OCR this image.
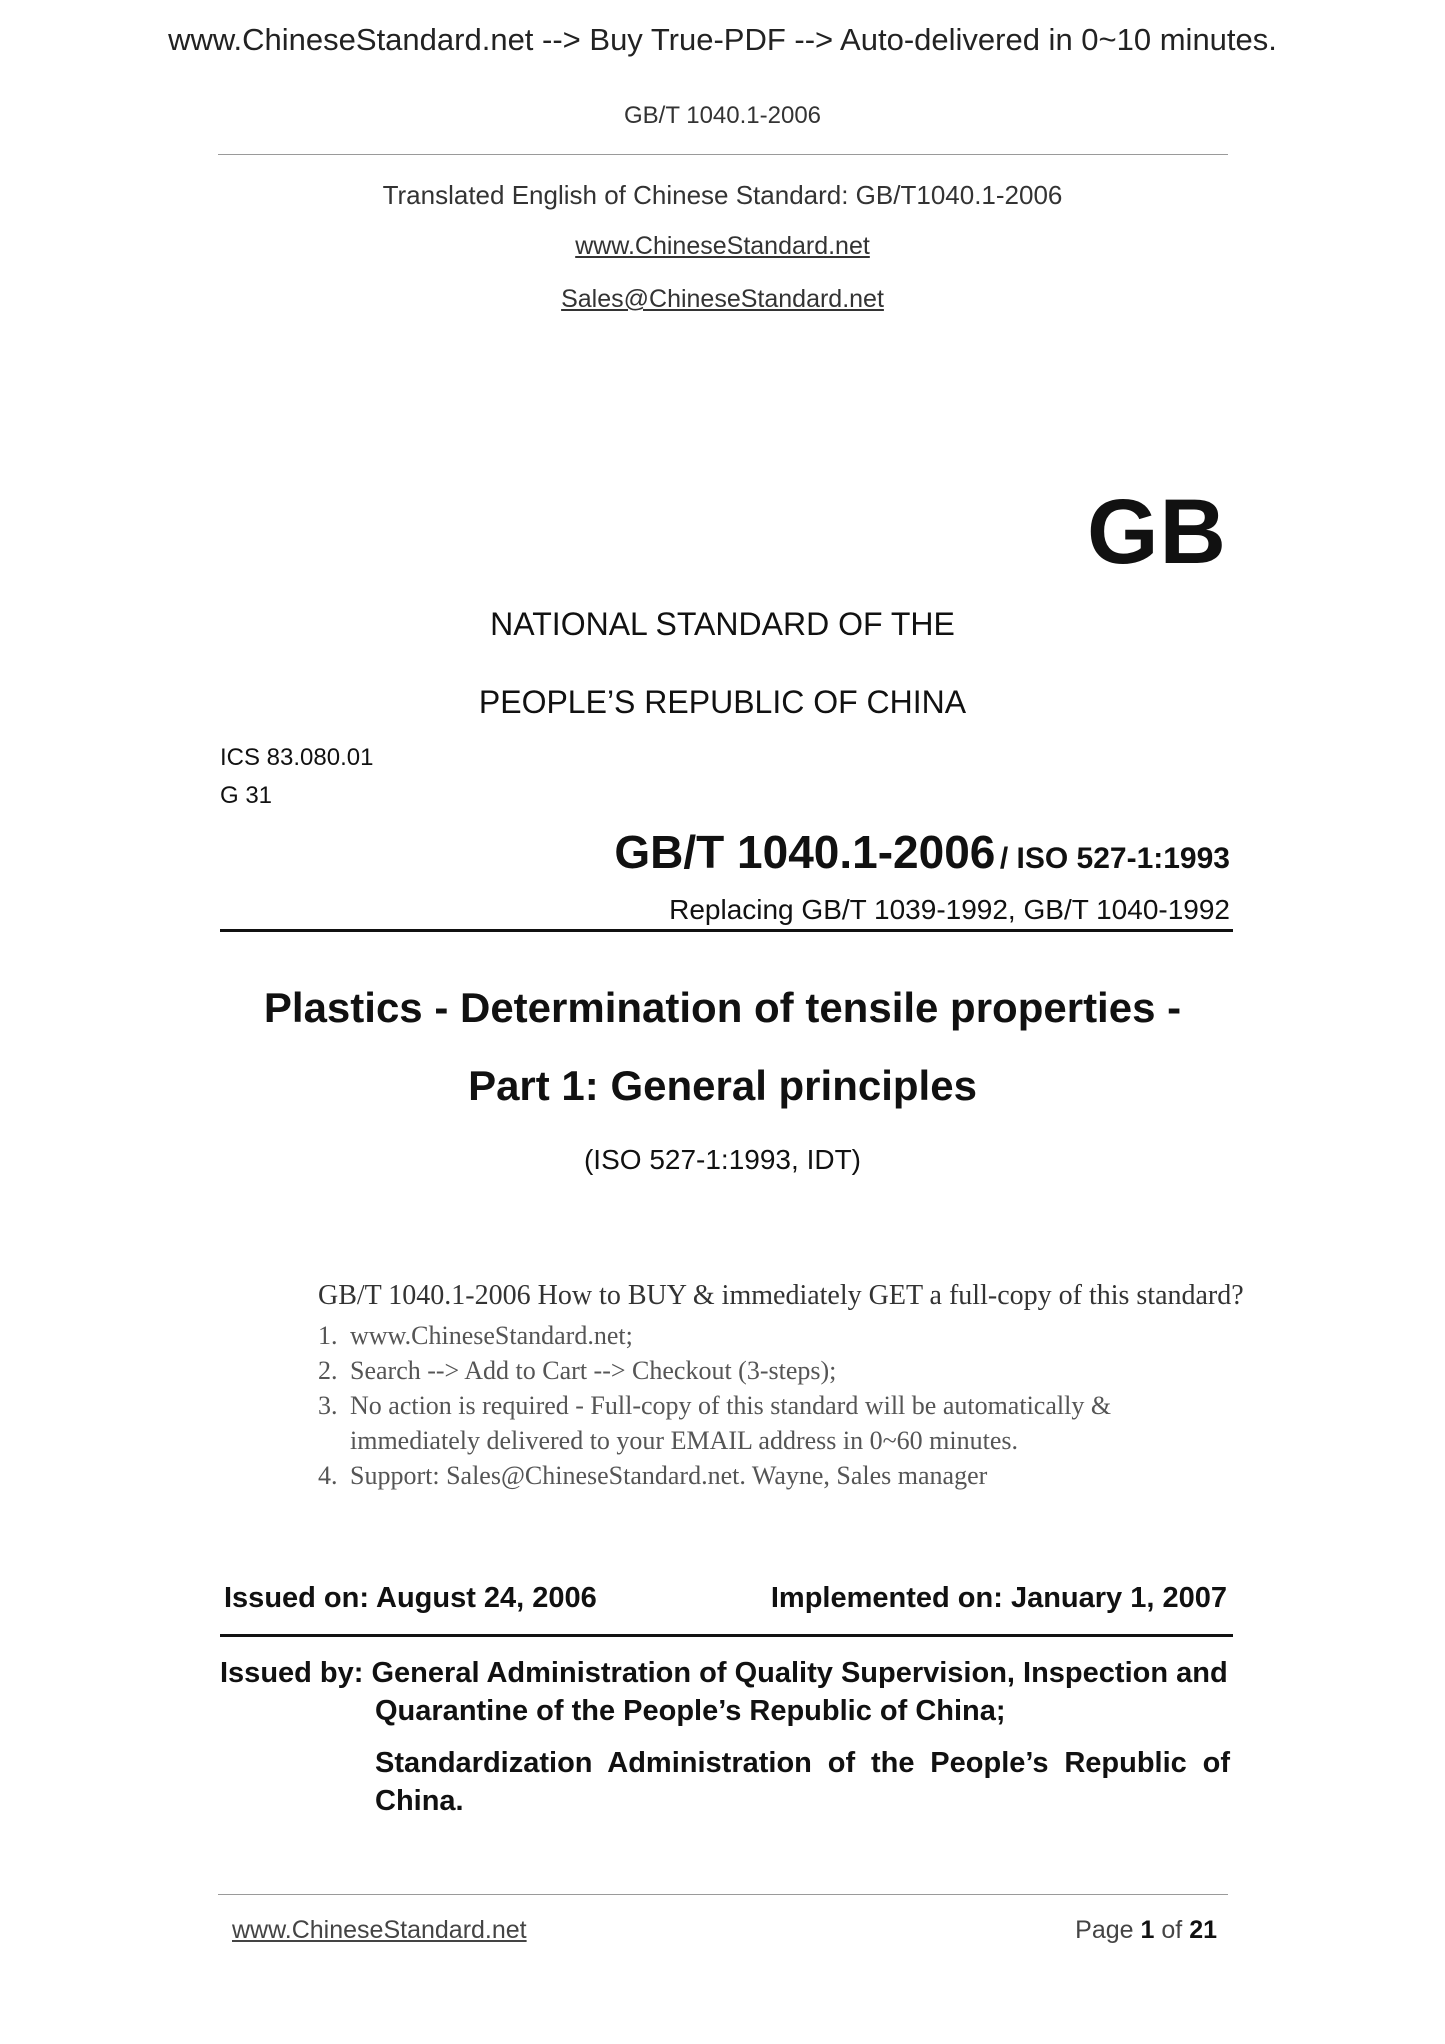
www.ChineseStandard.net --> Buy True-PDF --> Auto-delivered in 0~10 minutes.
GB/T 1040.1-2006
Translated English of Chinese Standard: GB/T1040.1-2006
www.ChineseStandard.net
Sales@ChineseStandard.net
GB
NATIONAL STANDARD OF THE
PEOPLE’S REPUBLIC OF CHINA
ICS 83.080.01
G 31
GB/T 1040.1-2006 / ISO 527-1:1993
Replacing GB/T 1039-1992, GB/T 1040-1992
Plastics - Determination of tensile properties -
Part 1: General principles
(ISO 527-1:1993, IDT)
GB/T 1040.1-2006 How to BUY & immediately GET a full-copy of this standard?
1. www.ChineseStandard.net;
2. Search --> Add to Cart --> Checkout (3-steps);
3. No action is required - Full-copy of this standard will be automatically &
immediately delivered to your EMAIL address in 0~60 minutes.
4. Support: Sales@ChineseStandard.net. Wayne, Sales manager
Issued on: August 24, 2006	Implemented on: January 1, 2007
Issued by: General Administration of Quality Supervision, Inspection and
Quarantine of the People’s Republic of China;
Standardization Administration of the People’s Republic of China.
www.ChineseStandard.net	Page 1 of 21
